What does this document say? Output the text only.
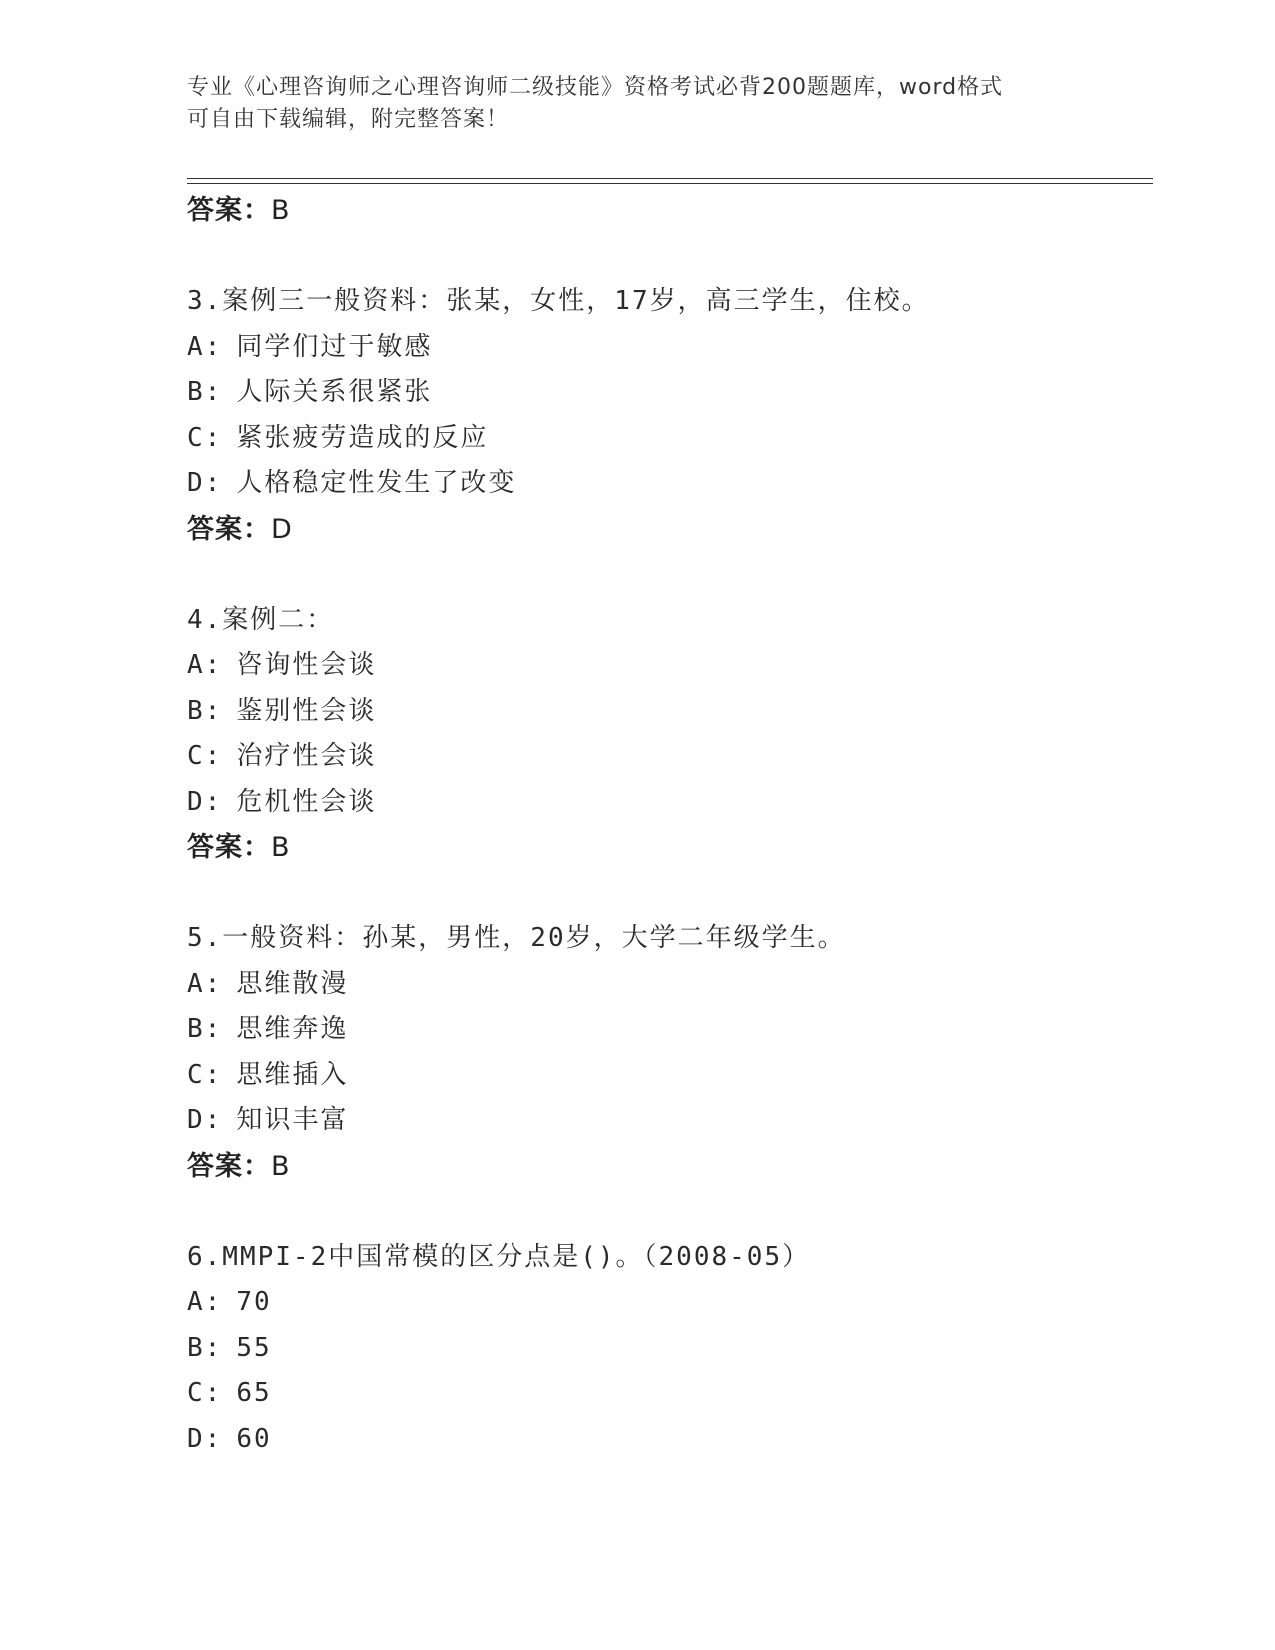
专业《心理咨询师之心理咨询师二级技能》资格考试必背200题题库，word格式
可自由下载编辑，附完整答案！
答案：B
3.案例三一般资料：张某，女性，17岁，高三学生，住校。
A: 同学们过于敏感
B: 人际关系很紧张
C: 紧张疲劳造成的反应
D: 人格稳定性发生了改变
答案：D
4.案例二：
A: 咨询性会谈
B: 鉴别性会谈
C: 治疗性会谈
D: 危机性会谈
答案：B
5.一般资料：孙某，男性，20岁，大学二年级学生。
A: 思维散漫
B: 思维奔逸
C: 思维插入
D: 知识丰富
答案：B
6.MMPI-2中国常模的区分点是()。（2008-05）
A: 70
B: 55
C: 65
D: 60
